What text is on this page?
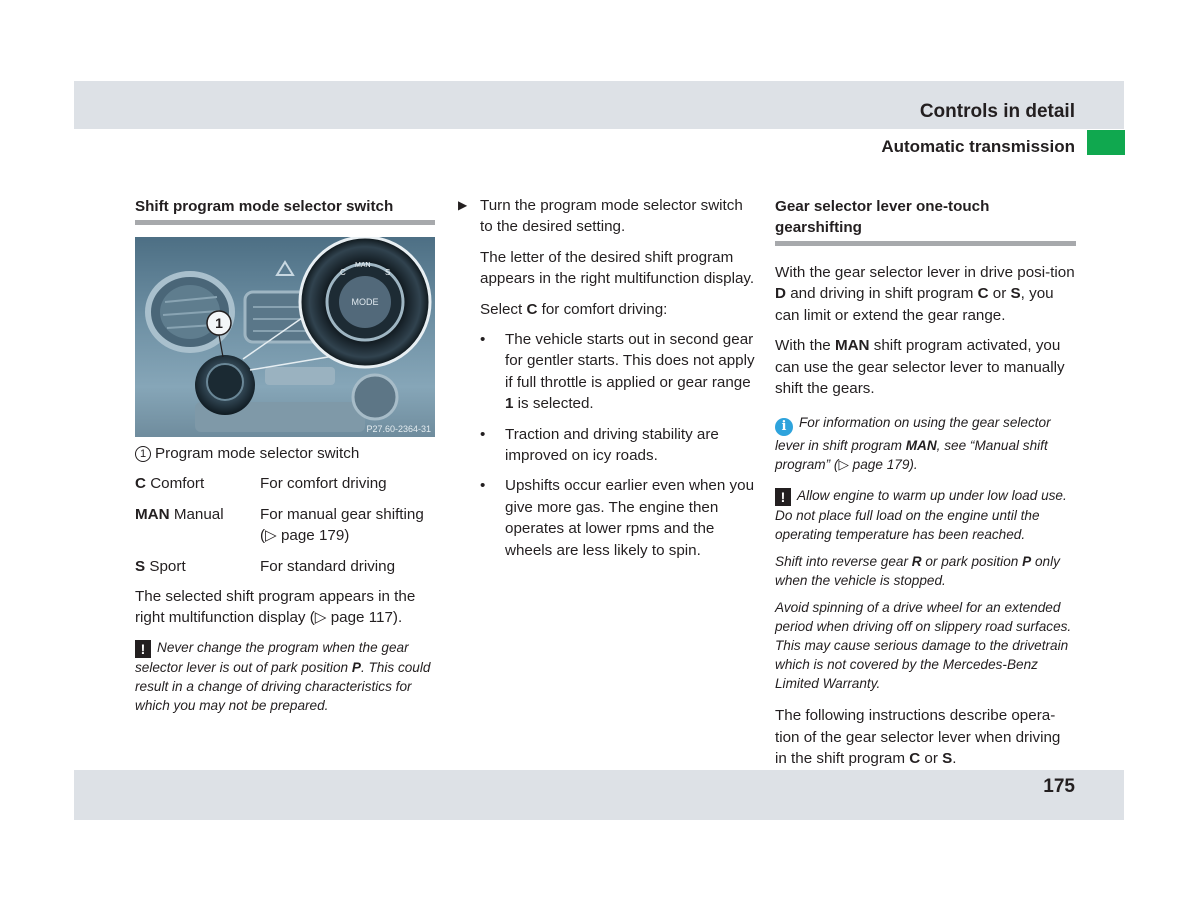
Controls in detail
Automatic transmission
Shift program mode selector switch
MODE
C
MAN
S
1
P27.60-2364-31
1 Program mode selector switch
C Comfort	For comfort driving
MAN Manual	For manual gear shifting (▷ page 179)
S Sport	For standard driving

The selected shift program appears in the right multifunction display (▷ page 117).

! Never change the program when the gear selector lever is out of park position P. This could result in a change of driving characteristics for which you may not be prepared.

▶ Turn the program mode selector switch to the desired setting.

The letter of the desired shift program appears in the right multifunction display.

Select C for comfort driving:

• The vehicle starts out in second gear for gentler starts. This does not apply if full throttle is applied or gear range 1 is selected.
• Traction and driving stability are improved on icy roads.
• Upshifts occur earlier even when you give more gas. The engine then operates at lower rpms and the wheels are less likely to spin.
Gear selector lever one-touch gearshifting

With the gear selector lever in drive posi-tion D and driving in shift program C or S, you can limit or extend the gear range.

With the MAN shift program activated, you can use the gear selector lever to manually shift the gears.

i For information on using the gear selector lever in shift program MAN, see “Manual shift program” (▷ page 179).

! Allow engine to warm up under low load use. Do not place full load on the engine until the operating temperature has been reached.

Shift into reverse gear R or park position P only when the vehicle is stopped.

Avoid spinning of a drive wheel for an extended period when driving off on slippery road surfaces. This may cause serious damage to the drivetrain which is not covered by the Mercedes-Benz Limited Warranty.

The following instructions describe opera-tion of the gear selector lever when driving in the shift program C or S.

175
